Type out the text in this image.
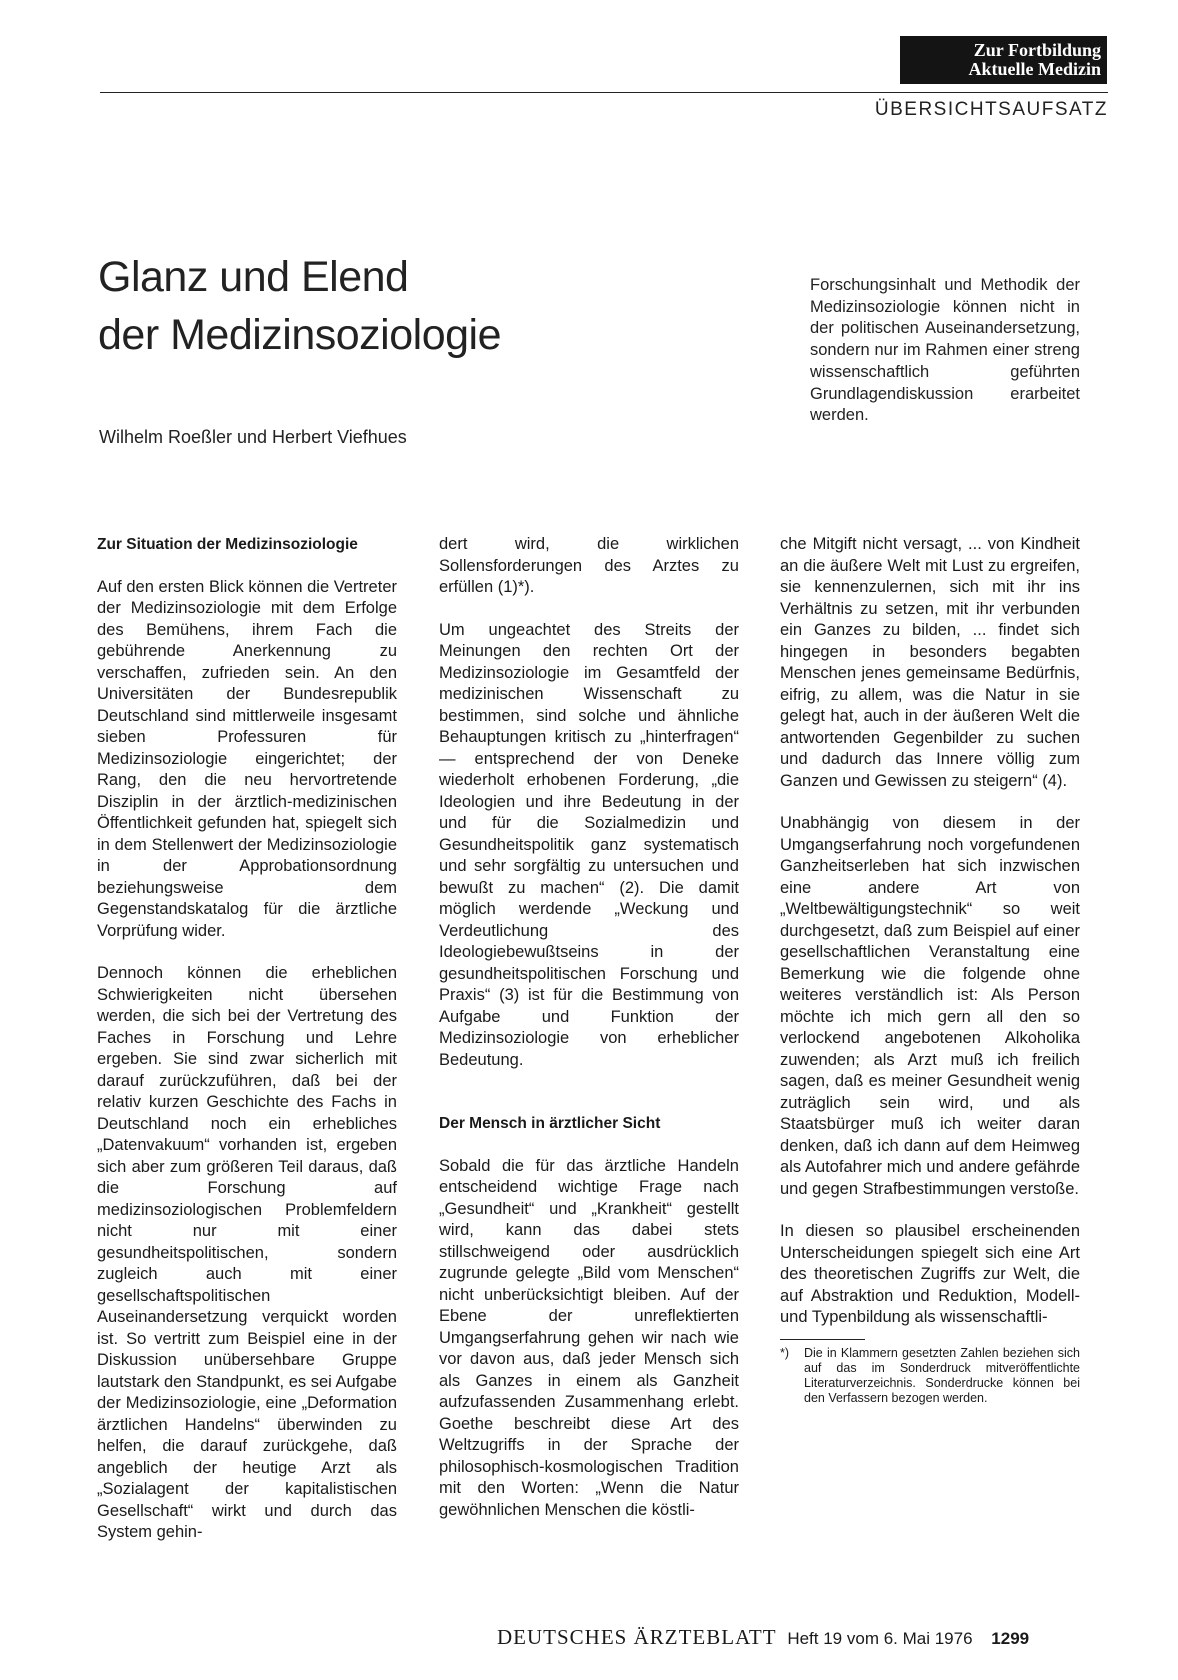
Zur Fortbildung
Aktuelle Medizin
ÜBERSICHTSAUFSATZ
Glanz und Elend
der Medizinsoziologie
Wilhelm Roeßler und Herbert Viefhues
Forschungsinhalt und Methodik der Medizinsoziologie können nicht in der politischen Auseinandersetzung, sondern nur im Rahmen einer streng wissenschaftlich geführten Grundlagendiskussion erarbeitet werden.

Zur Situation der Medizinsoziologie

Auf den ersten Blick können die Vertreter der Medizinsoziologie mit dem Erfolge des Bemühens, ihrem Fach die gebührende Anerkennung zu verschaffen, zufrieden sein. An den Universitäten der Bundesrepublik Deutschland sind mittlerweile insgesamt sieben Professuren für Medizinsoziologie eingerichtet; der Rang, den die neu hervortretende Disziplin in der ärztlich-medizinischen Öffentlichkeit gefunden hat, spiegelt sich in dem Stellenwert der Medizinsoziologie in der Approbationsordnung beziehungsweise dem Gegenstandskatalog für die ärztliche Vorprüfung wider.

Dennoch können die erheblichen Schwierigkeiten nicht übersehen werden, die sich bei der Vertretung des Faches in Forschung und Lehre ergeben. Sie sind zwar sicherlich mit darauf zurückzuführen, daß bei der relativ kurzen Geschichte des Fachs in Deutschland noch ein erhebliches „Datenvakuum“ vorhanden ist, ergeben sich aber zum größeren Teil daraus, daß die Forschung auf medizinsoziologischen Problemfeldern nicht nur mit einer gesundheitspolitischen, sondern zugleich auch mit einer gesellschaftspolitischen Auseinandersetzung verquickt worden ist. So vertritt zum Beispiel eine in der Diskussion unübersehbare Gruppe lautstark den Standpunkt, es sei Aufgabe der Medizinsoziologie, eine „Deformation ärztlichen Handelns“ überwinden zu helfen, die darauf zurückgehe, daß angeblich der heutige Arzt als „Sozialagent der kapitalistischen Gesellschaft“ wirkt und durch das System gehin-

dert wird, die wirklichen Sollensforderungen des Arztes zu erfüllen (1)*).

Um ungeachtet des Streits der Meinungen den rechten Ort der Medizinsoziologie im Gesamtfeld der medizinischen Wissenschaft zu bestimmen, sind solche und ähnliche Behauptungen kritisch zu „hinterfragen“ — entsprechend der von Deneke wiederholt erhobenen Forderung, „die Ideologien und ihre Bedeutung in der und für die Sozialmedizin und Gesundheitspolitik ganz systematisch und sehr sorgfältig zu untersuchen und bewußt zu machen“ (2). Die damit möglich werdende „Weckung und Verdeutlichung des Ideologiebewußtseins in der gesundheitspolitischen Forschung und Praxis“ (3) ist für die Bestimmung von Aufgabe und Funktion der Medizinsoziologie von erheblicher Bedeutung.

Der Mensch in ärztlicher Sicht

Sobald die für das ärztliche Handeln entscheidend wichtige Frage nach „Gesundheit“ und „Krankheit“ gestellt wird, kann das dabei stets stillschweigend oder ausdrücklich zugrunde gelegte „Bild vom Menschen“ nicht unberücksichtigt bleiben. Auf der Ebene der unreflektierten Umgangserfahrung gehen wir nach wie vor davon aus, daß jeder Mensch sich als Ganzes in einem als Ganzheit aufzufassenden Zusammenhang erlebt. Goethe beschreibt diese Art des Weltzugriffs in der Sprache der philosophisch-kosmologischen Tradition mit den Worten: „Wenn die Natur gewöhnlichen Menschen die köstli-

che Mitgift nicht versagt, ... von Kindheit an die äußere Welt mit Lust zu ergreifen, sie kennenzulernen, sich mit ihr ins Verhältnis zu setzen, mit ihr verbunden ein Ganzes zu bilden, ... findet sich hingegen in besonders begabten Menschen jenes gemeinsame Bedürfnis, eifrig, zu allem, was die Natur in sie gelegt hat, auch in der äußeren Welt die antwortenden Gegenbilder zu suchen und dadurch das Innere völlig zum Ganzen und Gewissen zu steigern“ (4).

Unabhängig von diesem in der Umgangserfahrung noch vorgefundenen Ganzheitserleben hat sich inzwischen eine andere Art von „Weltbewältigungstechnik“ so weit durchgesetzt, daß zum Beispiel auf einer gesellschaftlichen Veranstaltung eine Bemerkung wie die folgende ohne weiteres verständlich ist: Als Person möchte ich mich gern all den so verlockend angebotenen Alkoholika zuwenden; als Arzt muß ich freilich sagen, daß es meiner Gesundheit wenig zuträglich sein wird, und als Staatsbürger muß ich weiter daran denken, daß ich dann auf dem Heimweg als Autofahrer mich und andere gefährde und gegen Strafbestimmungen verstoße.

In diesen so plausibel erscheinenden Unterscheidungen spiegelt sich eine Art des theoretischen Zugriffs zur Welt, die auf Abstraktion und Reduktion, Modell- und Typenbildung als wissenschaftli-

*)	Die in Klammern gesetzten Zahlen beziehen sich auf das im Sonderdruck mitveröffentlichte Literaturverzeichnis. Sonderdrucke können bei den Verfassern bezogen werden.
DEUTSCHES ÄRZTEBLATT Heft 19 vom 6. Mai 1976 1299
